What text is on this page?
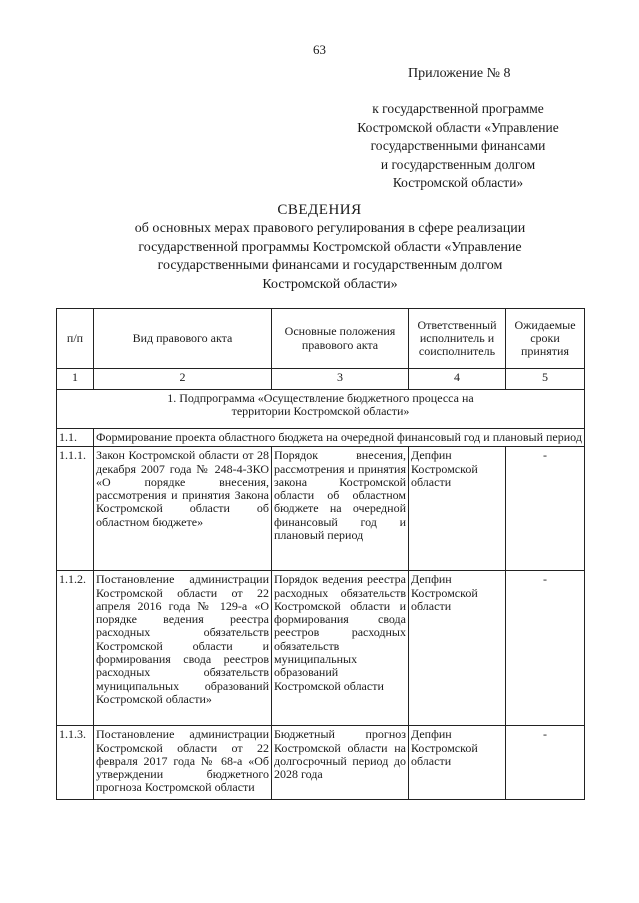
63
Приложение № 8
к государственной программе
Костромской области «Управление
государственными финансами
и государственным долгом
Костромской области»
СВЕДЕНИЯ
об основных мерах правового регулирования в сфере реализации
государственной программы Костромской области «Управление
государственными финансами и государственным долгом
Костромской области»
п/п	Вид правового акта	Основные положения правового акта	Ответственный исполнитель и соисполнитель	Ожидаемые сроки принятия
1	2	3	4	5

1. Подпрограмма «Осуществление бюджетного процесса на территории Костромской области»				

1.1.	Формирование проекта областного бюджета на очередной финансовый год и плановый период			
1.1.1.	Закон Костромской области от 28 декабря 2007 года № 248-4-ЗКО «О порядке внесения, рассмотрения и принятия Закона Костромской области об областном бюджете»	Порядок внесения, рассмотрения и принятия закона Костромской области об областном бюджете на очередной финансовый год и плановый период	Депфин Костромской области	-
1.1.2.	Постановление администрации Костромской области от 22 апреля 2016 года № 129-а «О порядке ведения реестра расходных обязательств Костромской области и формирования свода реестров расходных обязательств муниципальных образований Костромской области»	Порядок ведения реестра расходных обязательств Костромской области и формирования свода реестров расходных обязательств муниципальных образований Костромской области	Депфин Костромской области	-
1.1.3.	Постановление администрации Костромской области от 22 февраля 2017 года № 68-а «Об утверждении бюджетного прогноза Костромской области	Бюджетный прогноз Костромской области на долгосрочный период до 2028 года	Депфин Костромской области	-
